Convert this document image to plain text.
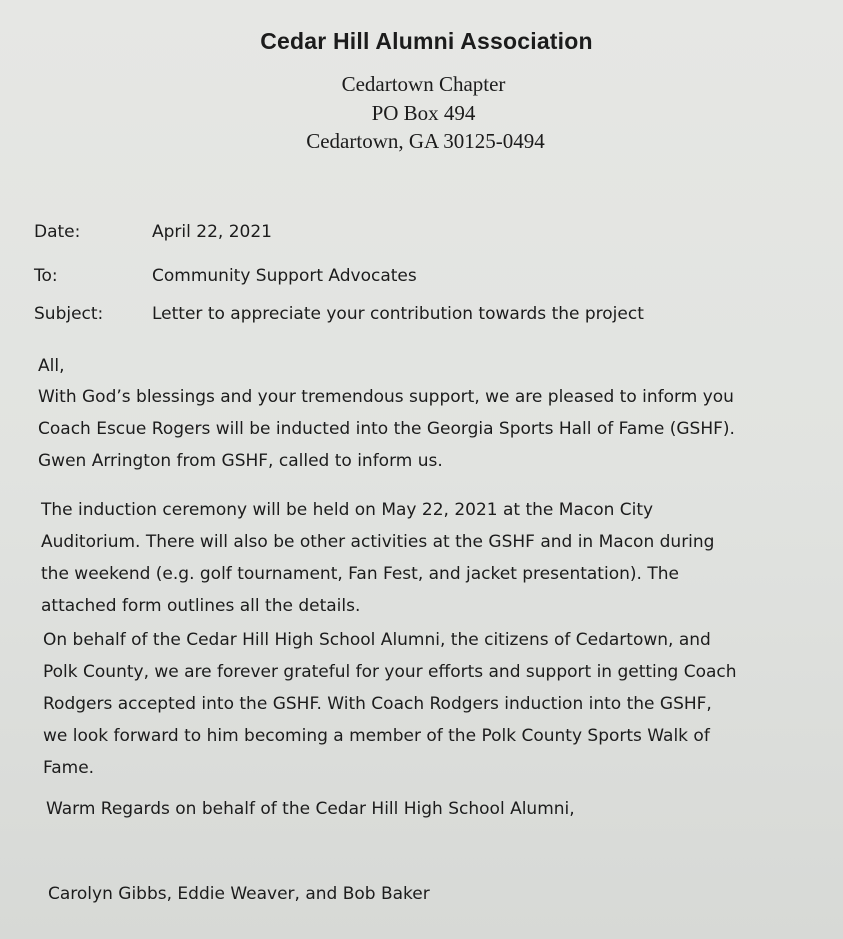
Cedar Hill Alumni Association
Cedartown Chapter
PO Box 494
Cedartown, GA 30125-0494
Date:	April 22, 2021
To:	Community Support Advocates
Subject:	Letter to appreciate your contribution towards the project
All,
With God’s blessings and your tremendous support, we are pleased to inform you
Coach Escue Rogers will be inducted into the Georgia Sports Hall of Fame (GSHF).
Gwen Arrington from GSHF, called to inform us.
The induction ceremony will be held on May 22, 2021 at the Macon City
Auditorium. There will also be other activities at the GSHF and in Macon during
the weekend (e.g. golf tournament, Fan Fest, and jacket presentation). The
attached form outlines all the details.
On behalf of the Cedar Hill High School Alumni, the citizens of Cedartown, and
Polk County, we are forever grateful for your efforts and support in getting Coach
Rodgers accepted into the GSHF. With Coach Rodgers induction into the GSHF,
we look forward to him becoming a member of the Polk County Sports Walk of
Fame.
Warm Regards on behalf of the Cedar Hill High School Alumni,
Carolyn Gibbs, Eddie Weaver, and Bob Baker
